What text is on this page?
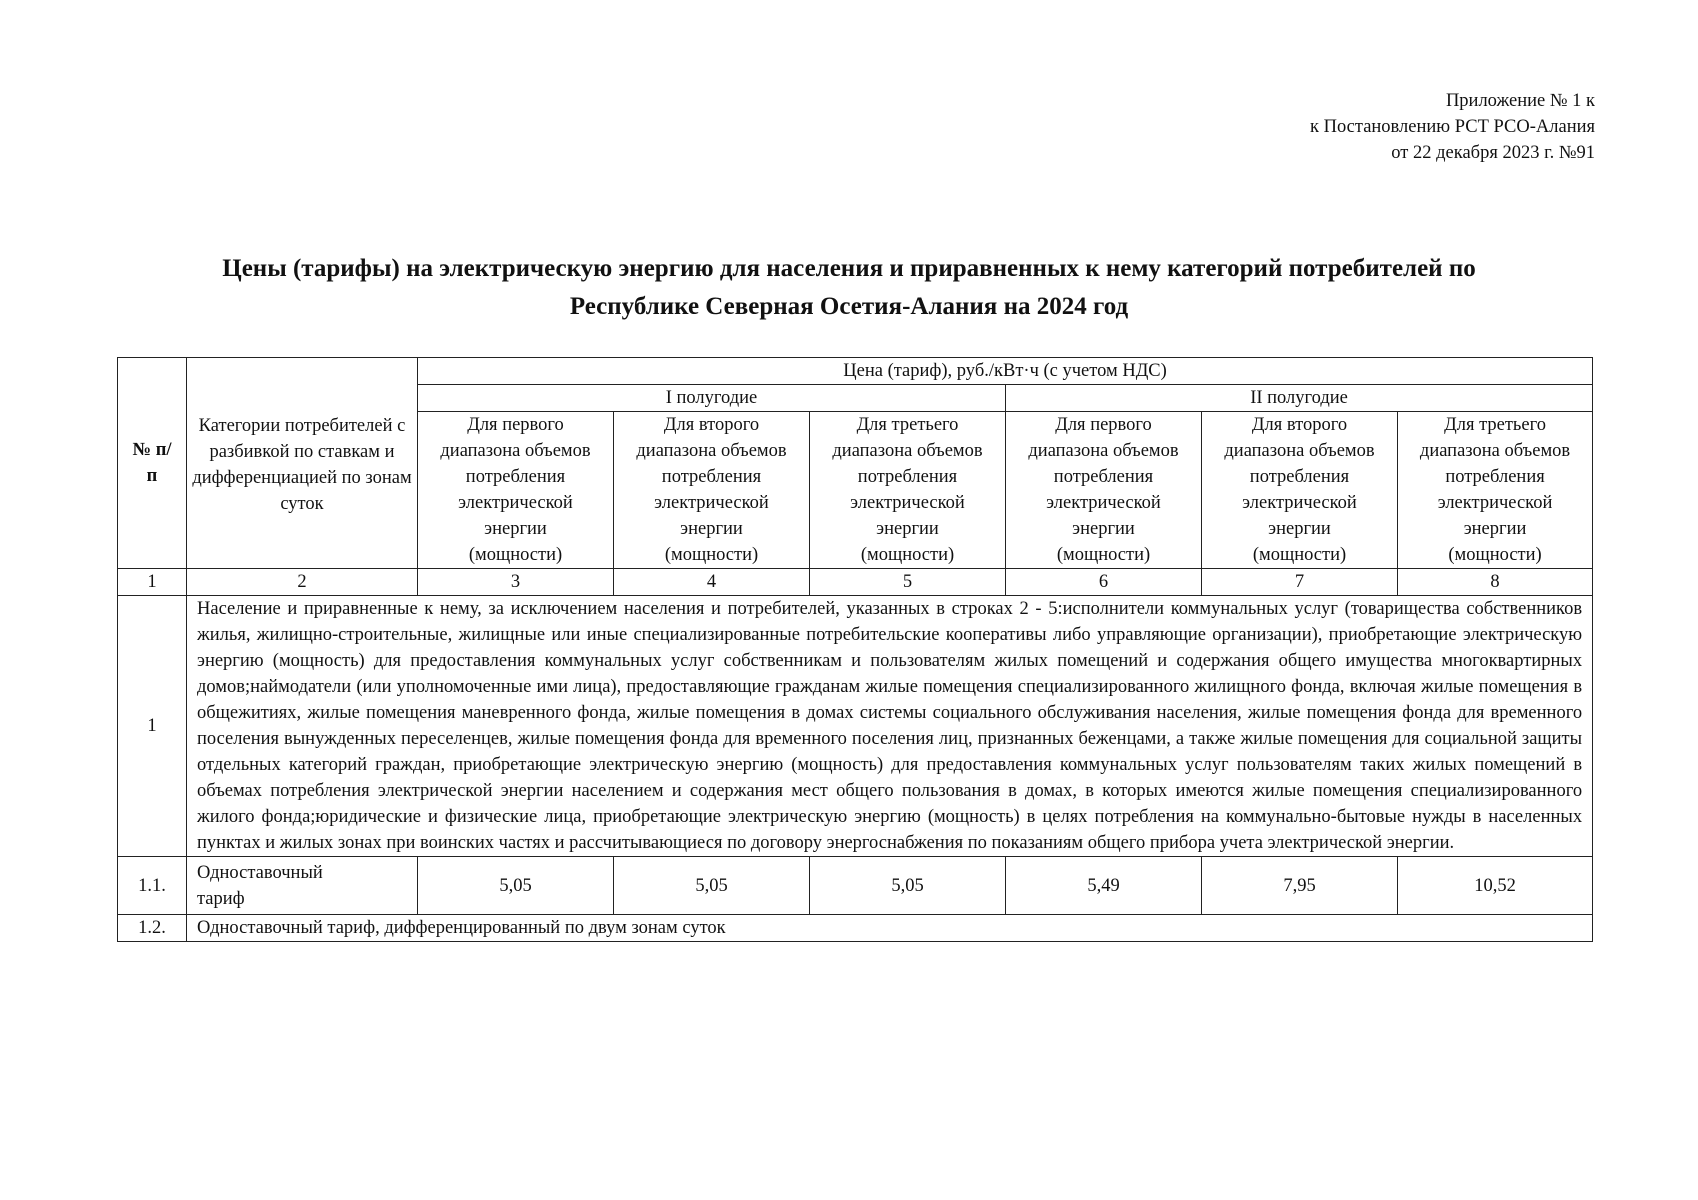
Приложение № 1 к
к Постановлению РСТ РСО-Алания
от 22 декабря 2023 г. №91
Цены (тарифы) на электрическую энергию для населения и приравненных к нему категорий потребителей по
Республике Северная Осетия-Алания на 2024 год
№ п/п	Категории потребителей с разбивкой по ставкам и дифференциацией по зонам суток	Цена (тариф), руб./кВт·ч (с учетом НДС)					
		I полугодие			II полугодие		
		Для первого диапазона объемов потребления электрической энергии (мощности)	Для второго диапазона объемов потребления электрической энергии (мощности)	Для третьего диапазона объемов потребления электрической энергии (мощности)	Для первого диапазона объемов потребления электрической энергии (мощности)	Для второго диапазона объемов потребления электрической энергии (мощности)	Для третьего диапазона объемов потребления электрической энергии (мощности)
1	2	3	4	5	6	7	8
1	Население и приравненные к нему, за исключением населения и потребителей, указанных в строках 2 - 5:исполнители коммунальных услуг (товарищества собственников жилья, жилищно-строительные, жилищные или иные специализированные потребительские кооперативы либо управляющие организации), приобретающие электрическую энергию (мощность) для предоставления коммунальных услуг собственникам и пользователям жилых помещений и содержания общего имущества многоквартирных домов;наймодатели (или уполномоченные ими лица), предоставляющие гражданам жилые помещения специализированного жилищного фонда, включая жилые помещения в общежитиях, жилые помещения маневренного фонда, жилые помещения в домах системы социального обслуживания населения, жилые помещения фонда для временного поселения вынужденных переселенцев, жилые помещения фонда для временного поселения лиц, признанных беженцами, а также жилые помещения для социальной защиты отдельных категорий граждан, приобретающие электрическую энергию (мощность) для предоставления коммунальных услуг пользователям таких жилых помещений в объемах потребления электрической энергии населением и содержания мест общего пользования в домах, в которых имеются жилые помещения специализированного жилого фонда;юридические и физические лица, приобретающие электрическую энергию (мощность) в целях потребления на коммунально-бытовые нужды в населенных пунктах и жилых зонах при воинских частях и рассчитывающиеся по договору энергоснабжения по показаниям общего прибора учета электрической энергии.						
1.1.	Одноставочный тариф	5,05	5,05	5,05	5,49	7,95	10,52
1.2.	Одноставочный тариф, дифференцированный по двум зонам суток						
